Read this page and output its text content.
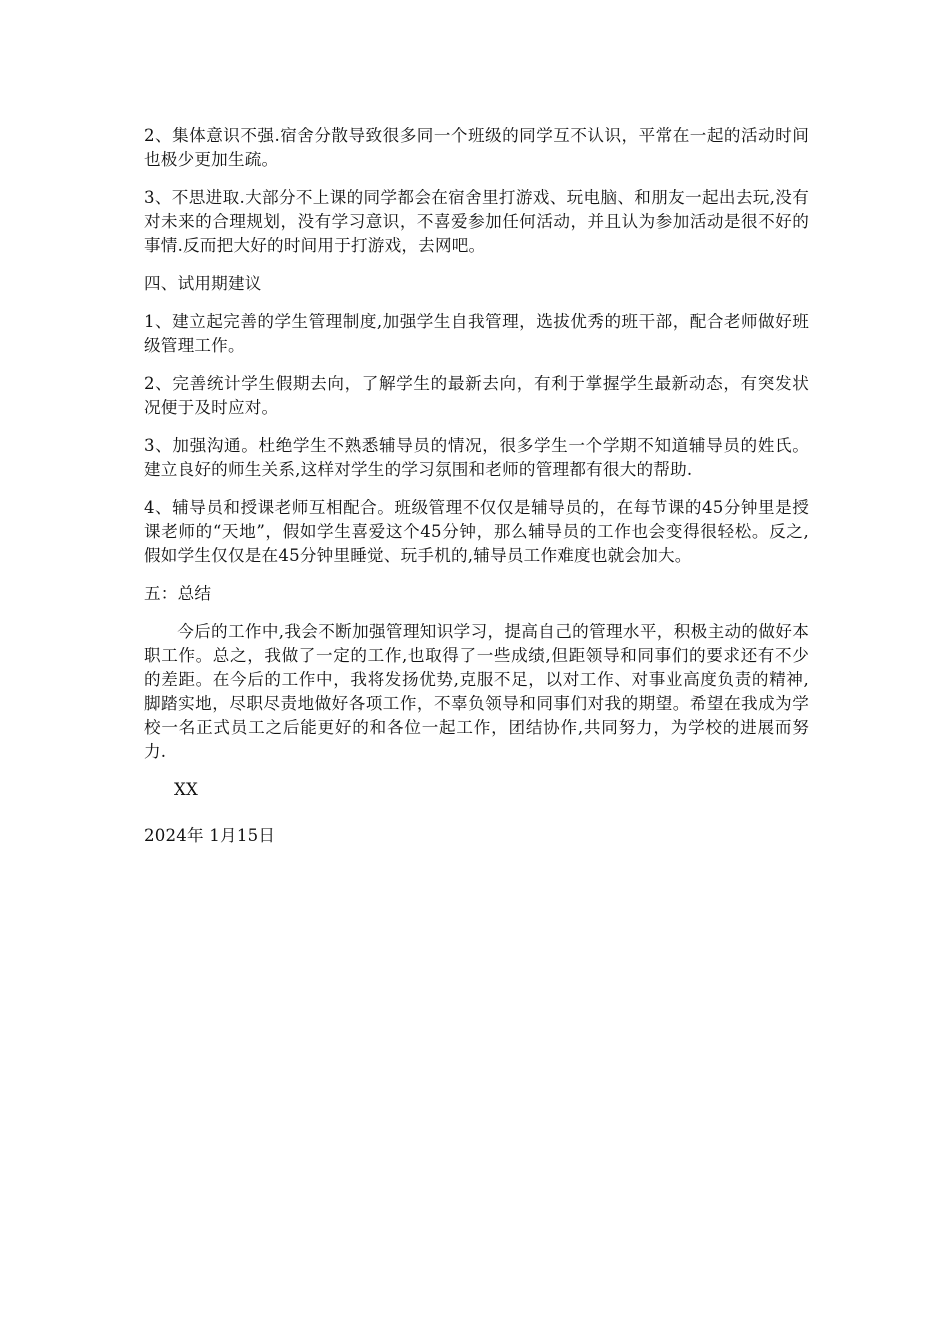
2、集体意识不强.宿舍分散导致很多同一个班级的同学互不认识，平常在一起的活动时间也极少更加生疏。

3、不思进取.大部分不上课的同学都会在宿舍里打游戏、玩电脑、和朋友一起出去玩,没有对未来的合理规划，没有学习意识，不喜爱参加任何活动，并且认为参加活动是很不好的事情.反而把大好的时间用于打游戏，去网吧。

四、试用期建议

1、建立起完善的学生管理制度,加强学生自我管理，选拔优秀的班干部，配合老师做好班级管理工作。

2、完善统计学生假期去向，了解学生的最新去向，有利于掌握学生最新动态，有突发状况便于及时应对。

3、加强沟通。杜绝学生不熟悉辅导员的情况，很多学生一个学期不知道辅导员的姓氏。建立良好的师生关系,这样对学生的学习氛围和老师的管理都有很大的帮助.

4、辅导员和授课老师互相配合。班级管理不仅仅是辅导员的，在每节课的45分钟里是授课老师的“天地”，假如学生喜爱这个45分钟，那么辅导员的工作也会变得很轻松。反之,假如学生仅仅是在45分钟里睡觉、玩手机的,辅导员工作难度也就会加大。

五：总结

今后的工作中,我会不断加强管理知识学习，提高自己的管理水平，积极主动的做好本职工作。总之，我做了一定的工作,也取得了一些成绩,但距领导和同事们的要求还有不少的差距。在今后的工作中，我将发扬优势,克服不足，以对工作、对事业高度负责的精神,脚踏实地，尽职尽责地做好各项工作，不辜负领导和同事们对我的期望。希望在我成为学校一名正式员工之后能更好的和各位一起工作，团结协作,共同努力，为学校的进展而努力.

XX

2024年 1月15日
